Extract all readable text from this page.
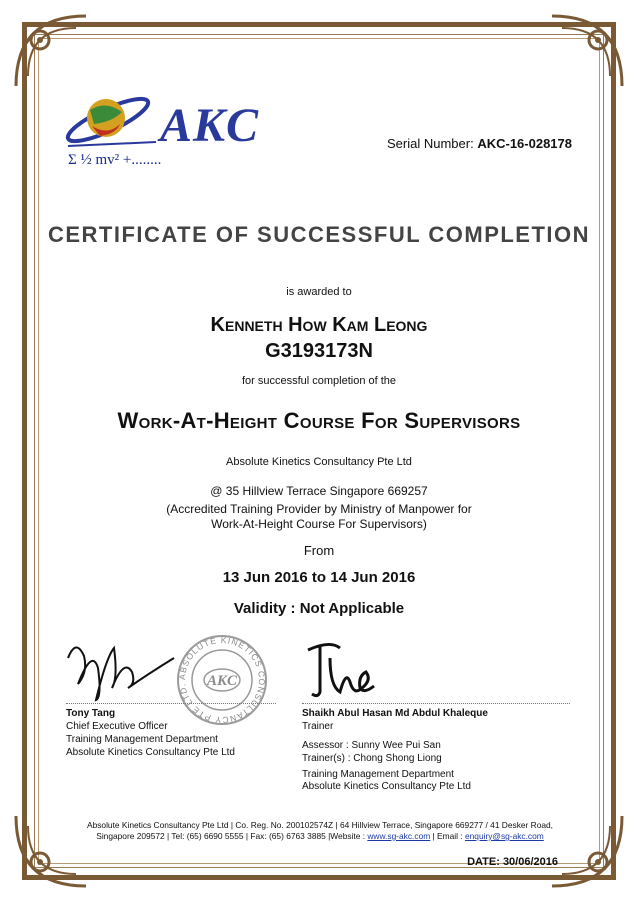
AKC
Σ ½ mv² +........
Serial Number: AKC-16-028178
CERTIFICATE OF SUCCESSFUL COMPLETION
is awarded to
Kenneth How Kam Leong
G3193173N
for successful completion of the
Work-At-Height Course For Supervisors
Absolute Kinetics Consultancy Pte Ltd
@ 35 Hillview Terrace Singapore 669257
(Accredited Training Provider by Ministry of Manpower for
Work-At-Height Course For Supervisors)
From
13 Jun 2016 to 14 Jun 2016
Validity : Not Applicable
ABSOLUTE KINETICS CONSULTANCY PTE LTD.	AKC
Tony Tang
Chief Executive Officer
Training Management Department
Absolute Kinetics Consultancy Pte Ltd
Shaikh Abul Hasan Md Abdul Khaleque
Trainer
Assessor : Sunny Wee Pui San
Trainer(s) : Chong Shong Liong
Training Management Department
Absolute Kinetics Consultancy Pte Ltd
Absolute Kinetics Consultancy Pte Ltd | Co. Reg. No. 200102574Z | 64 Hillview Terrace, Singapore 669277 / 41 Desker Road,
Singapore 209572 | Tel: (65) 6690 5555 | Fax: (65) 6763 3885 |Website : www.sg-akc.com | Email : enquiry@sg-akc.com
DATE: 30/06/2016
